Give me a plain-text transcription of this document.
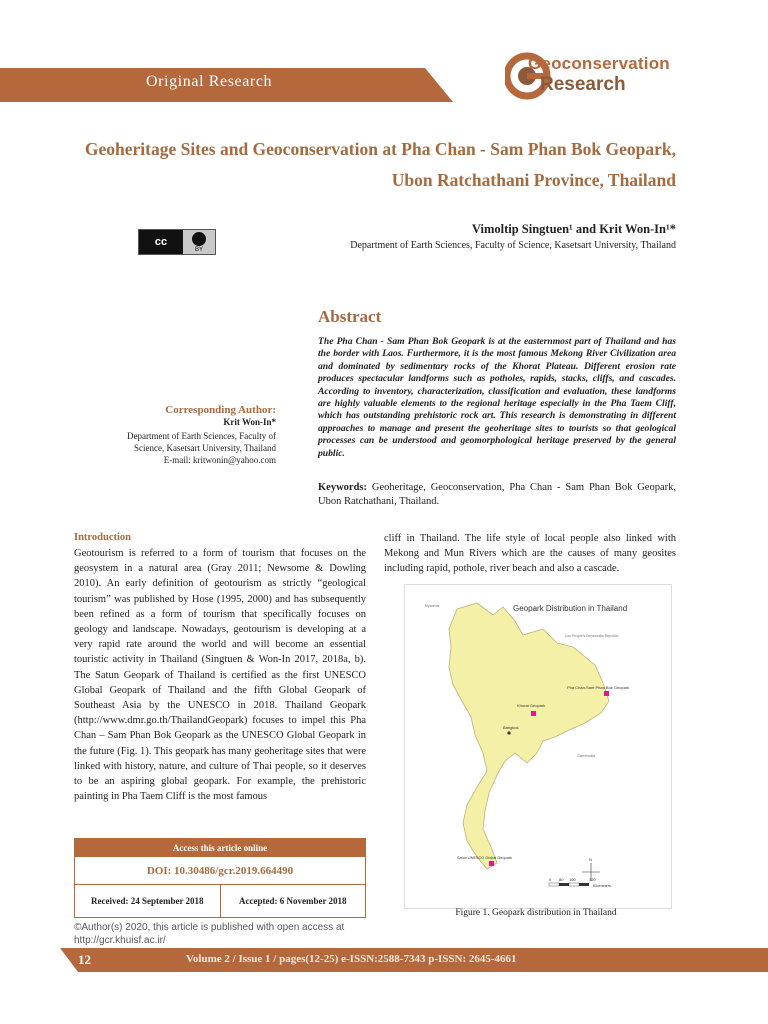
Original Research
Geoconservation
Research
Geoheritage Sites and Geoconservation at Pha Chan - Sam Phan Bok Geopark, Ubon Ratchathani Province, Thailand
cc
BY
Vimoltip Singtuen¹ and Krit Won-In¹*
Department of Earth Sciences, Faculty of Science, Kasetsart University, Thailand
Abstract
The Pha Chan - Sam Phan Bok Geopark is at the easternmost part of Thailand and has the border with Laos. Furthermore, it is the most famous Mekong River Civilization area and dominated by sedimentary rocks of the Khorat Plateau. Different erosion rate produces spectacular landforms such as potholes, rapids, stacks, cliffs, and cascades. According to inventory, characterization, classification and evaluation, these landforms are highly valuable elements to the regional heritage especially in the Pha Taem Cliff, which has outstanding prehistoric rock art. This research is demonstrating in different approaches to manage and present the geoheritage sites to tourists so that geological processes can be understood and geomorphological heritage preserved by the general public.
Keywords: Geoheritage, Geoconservation, Pha Chan - Sam Phan Bok Geopark, Ubon Ratchathani, Thailand.
Corresponding Author:
Krit Won-In*
Department of Earth Sciences, Faculty of
Science, Kasetsart University, Thailand
E-mail: kritwonin@yahoo.com
Introduction
Geotourism is referred to a form of tourism that focuses on the geosystem in a natural area (Gray 2011; Newsome & Dowling 2010). An early definition of geotourism as strictly “geological tourism” was published by Hose (1995, 2000) and has subsequently been refined as a form of tourism that specifically focuses on geology and landscape. Nowadays, geotourism is developing at a very rapid rate around the world and will become an essential touristic activity in Thailand (Singtuen & Won-In 2017, 2018a, b). The Satun Geopark of Thailand is certified as the first UNESCO Global Geopark of Thailand and the fifth Global Geopark of Southeast Asia by the UNESCO in 2018. Thailand Geopark (http://www.dmr.go.th/ThailandGeopark) focuses to impel this Pha Chan – Sam Phan Bok Geopark as the UNESCO Global Geopark in the future (Fig. 1). This geopark has many geoheritage sites that were linked with history, nature, and culture of Thai people, so it deserves to be an aspiring global geopark. For example, the prehistoric painting in Pha Taem Cliff is the most famous
cliff in Thailand. The life style of local people also linked with Mekong and Mun Rivers which are the causes of many geosites including rapid, pothole, river beach and also a cascade.
Access this article online
DOI: 10.30486/gcr.2019.664490
Received: 24 September 2018	Accepted: 6 November 2018
©Author(s) 2020, this article is published with open access at
http://gcr.khuisf.ac.ir/
Geopark Distribution in Thailand
Myanmar
Lao People's Democratic Republic
Cambodia
Pha Chan-Sam Phan Bok Geopark
Khorat Geopark
Bangkok
Satun UNESCO Global Geopark
0 80 160	320
Kilometers
N
Figure 1. Geopark distribution in Thailand
12	Volume 2 / Issue 1 / pages(12-25) e-ISSN:2588-7343 p-ISSN: 2645-4661
